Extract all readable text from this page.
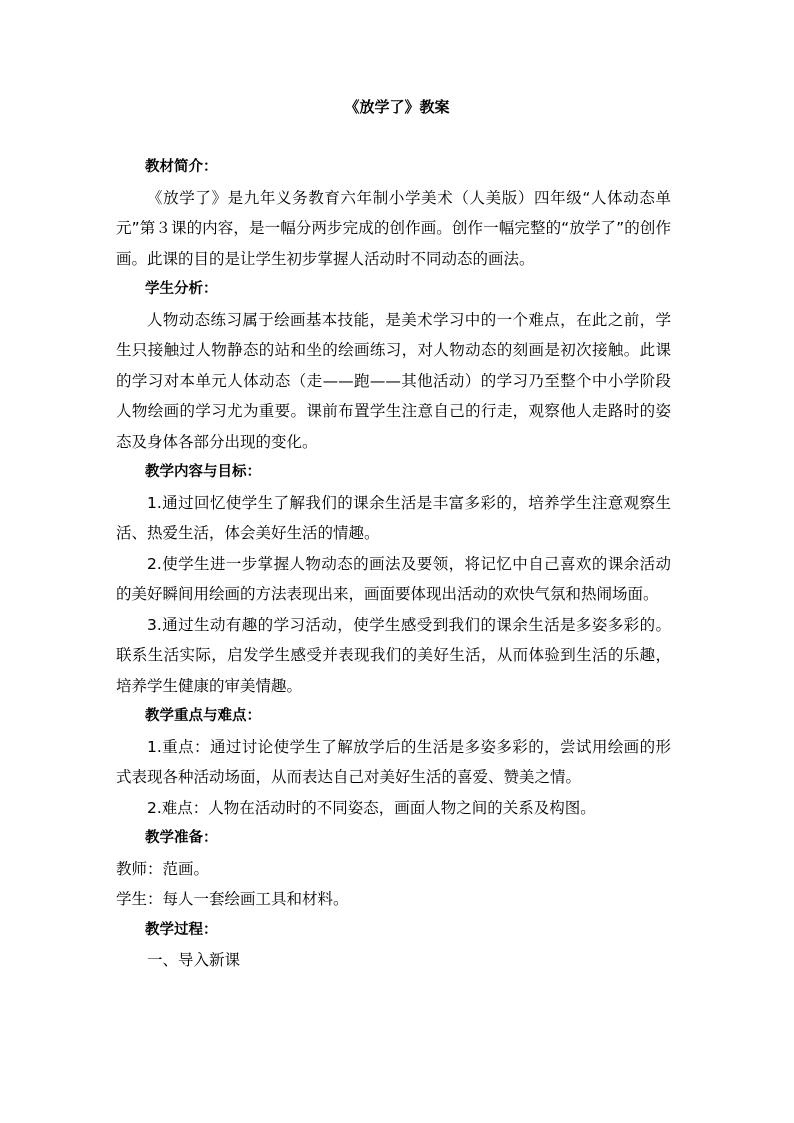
《放学了》教案

教材简介：

《放学了》是九年义务教育六年制小学美术（人美版）四年级“人体动态单元”第３课的内容，是一幅分两步完成的创作画。创作一幅完整的“放学了”的创作画。此课的目的是让学生初步掌握人活动时不同动态的画法。

学生分析：

人物动态练习属于绘画基本技能，是美术学习中的一个难点，在此之前，学生只接触过人物静态的站和坐的绘画练习，对人物动态的刻画是初次接触。此课的学习对本单元人体动态（走——跑——其他活动）的学习乃至整个中小学阶段人物绘画的学习尤为重要。课前布置学生注意自己的行走，观察他人走路时的姿态及身体各部分出现的变化。

教学内容与目标：

1.通过回忆使学生了解我们的课余生活是丰富多彩的，培养学生注意观察生活、热爱生活，体会美好生活的情趣。

2.使学生进一步掌握人物动态的画法及要领，将记忆中自己喜欢的课余活动的美好瞬间用绘画的方法表现出来，画面要体现出活动的欢快气氛和热闹场面。

3.通过生动有趣的学习活动，使学生感受到我们的课余生活是多姿多彩的。联系生活实际，启发学生感受并表现我们的美好生活，从而体验到生活的乐趣，培养学生健康的审美情趣。

教学重点与难点：

1.重点：通过讨论使学生了解放学后的生活是多姿多彩的，尝试用绘画的形式表现各种活动场面，从而表达自己对美好生活的喜爱、赞美之情。

2.难点：人物在活动时的不同姿态，画面人物之间的关系及构图。

教学准备：

教师：范画。

学生：每人一套绘画工具和材料。

教学过程：

一、导入新课
